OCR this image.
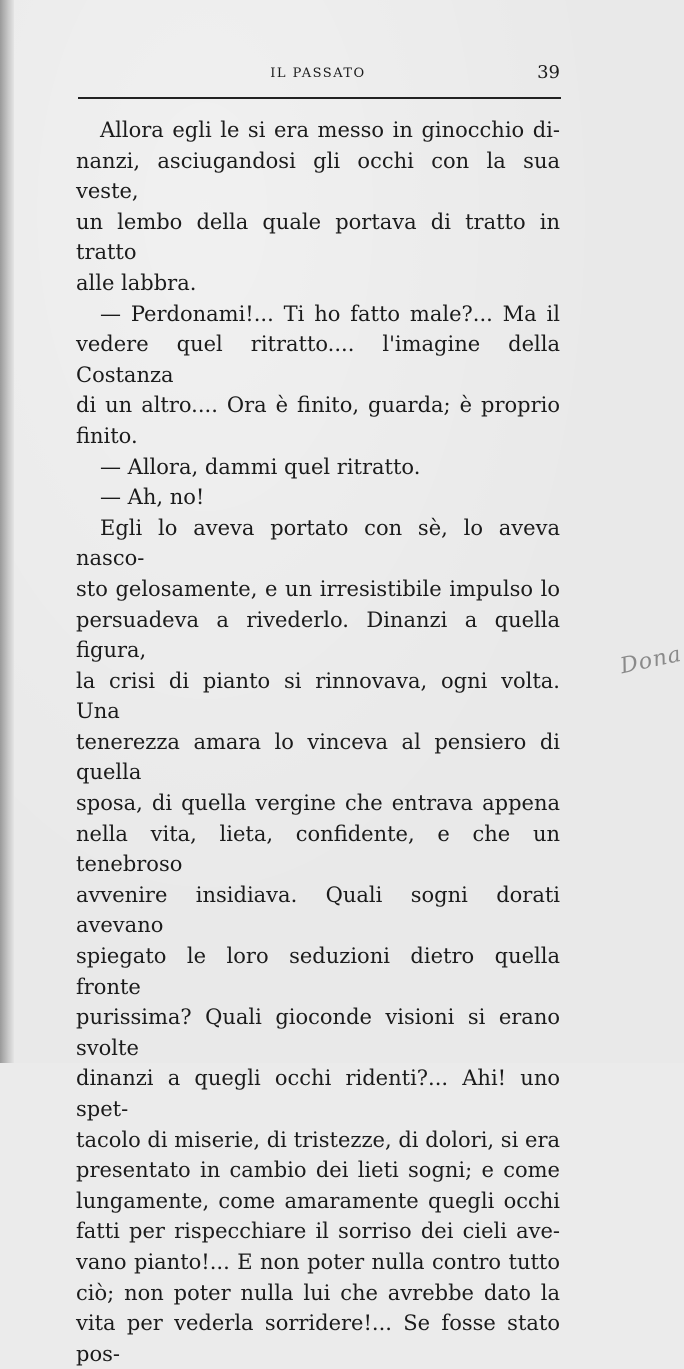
IL PASSATO	39

Allora egli le si era messo in ginocchio di-

nanzi, asciugandosi gli occhi con la sua veste,

un lembo della quale portava di tratto in tratto

alle labbra.

— Perdonami!... Ti ho fatto male?... Ma il

vedere quel ritratto.... l'imagine della Costanza

di un altro.... Ora è finito, guarda; è proprio

finito.

— Allora, dammi quel ritratto.

— Ah, no!

Egli lo aveva portato con sè, lo aveva nasco-

sto gelosamente, e un irresistibile impulso lo

persuadeva a rivederlo. Dinanzi a quella figura,

la crisi di pianto si rinnovava, ogni volta. Una

tenerezza amara lo vinceva al pensiero di quella

sposa, di quella vergine che entrava appena

nella vita, lieta, confidente, e che un tenebroso

avvenire insidiava. Quali sogni dorati avevano

spiegato le loro seduzioni dietro quella fronte

purissima? Quali gioconde visioni si erano svolte

dinanzi a quegli occhi ridenti?... Ahi! uno spet-

tacolo di miserie, di tristezze, di dolori, si era

presentato in cambio dei lieti sogni; e come

lungamente, come amaramente quegli occhi

fatti per rispecchiare il sorriso dei cieli ave-

vano pianto!... E non poter nulla contro tutto

ciò; non poter nulla lui che avrebbe dato la

vita per vederla sorridere!... Se fosse stato pos-

Dona
